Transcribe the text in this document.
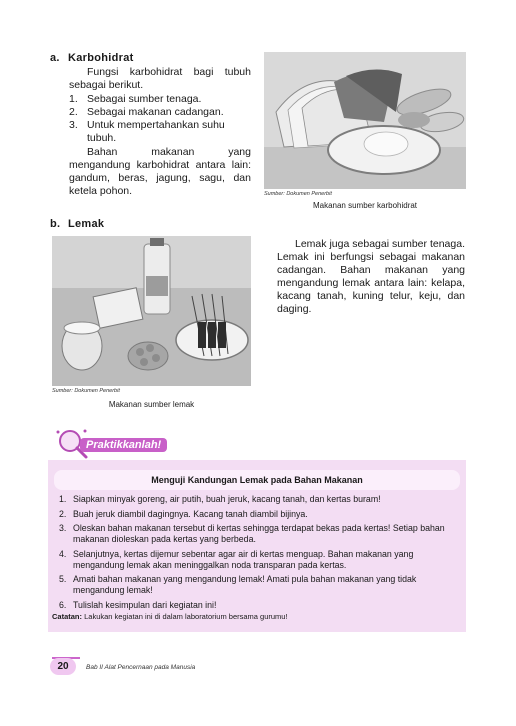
a. Karbohidrat

Fungsi karbohidrat bagi tubuh sebagai berikut.

1. Sebagai sumber tenaga.
2. Sebagai makanan cadangan.
3. Untuk mempertahankan suhu tubuh.

Bahan makanan yang mengandung karbohidrat antara lain: gandum, beras, jagung, sagu, dan ketela pohon.	Sumber: Dokumen Penerbit
Makanan sumber karbohidrat
b. Lemak
Sumber: Dokumen Penerbit
Makanan sumber lemak

Lemak juga sebagai sumber tenaga. Lemak ini berfungsi sebagai makanan cadangan. Bahan makanan yang mengandung lemak antara lain: kelapa, kacang tanah, kuning telur, keju, dan daging.

Praktikkanlah!
Menguji Kandungan Lemak pada Bahan Makanan
1. Siapkan minyak goreng, air putih, buah jeruk, kacang tanah, dan kertas buram!
2. Buah jeruk diambil dagingnya. Kacang tanah diambil bijinya.
3. Oleskan bahan makanan tersebut di kertas sehingga terdapat bekas pada kertas! Setiap bahan makanan dioleskan pada kertas yang berbeda.
4. Selanjutnya, kertas dijemur sebentar agar air di kertas menguap. Bahan makanan yang mengandung lemak akan meninggalkan noda transparan pada kertas.
5. Amati bahan makanan yang mengandung lemak! Amati pula bahan makanan yang tidak mengandung lemak!
6. Tulislah kesimpulan dari kegiatan ini!
Catatan: Lakukan kegiatan ini di dalam laboratorium bersama gurumu!
20	Bab II Alat Pencernaan pada Manusia
